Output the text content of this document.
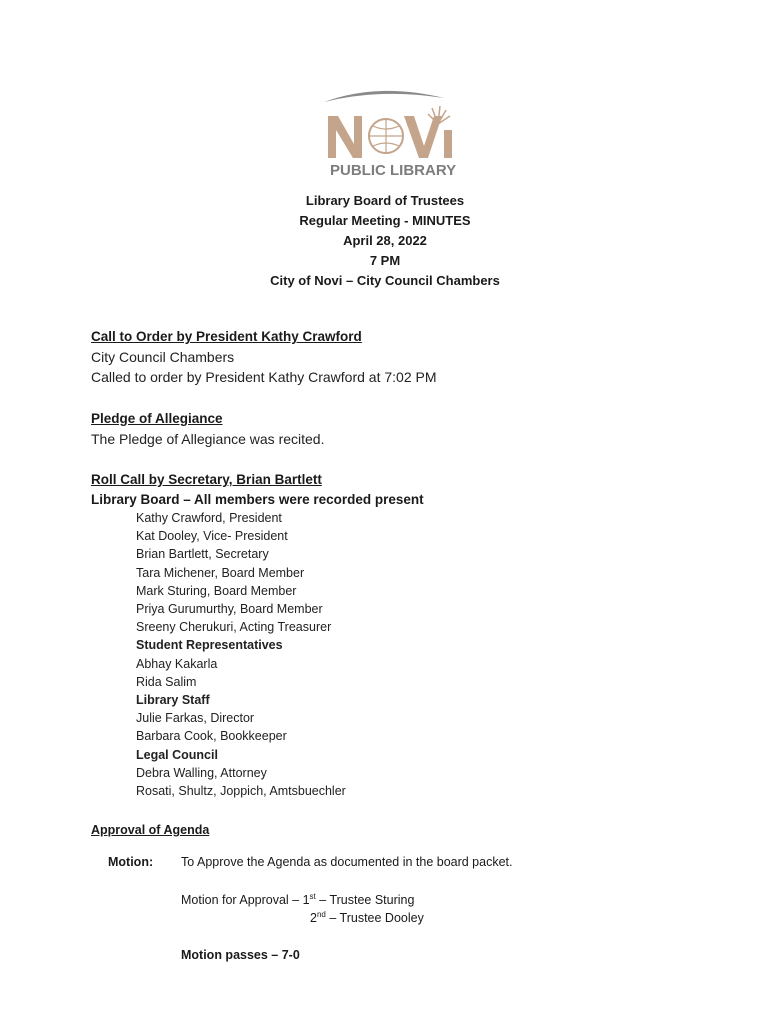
PUBLIC LIBRARY
Library Board of Trustees
Regular Meeting - MINUTES
April 28, 2022
7 PM
City of Novi – City Council Chambers
Call to Order by President Kathy Crawford
City Council Chambers
Called to order by President Kathy Crawford at 7:02 PM
Pledge of Allegiance
The Pledge of Allegiance was recited.
Roll Call by Secretary, Brian Bartlett
Library Board – All members were recorded present
Kathy Crawford, President
Kat Dooley, Vice- President
Brian Bartlett, Secretary
Tara Michener, Board Member
Mark Sturing, Board Member
Priya Gurumurthy, Board Member
Sreeny Cherukuri, Acting Treasurer
Student Representatives
Abhay Kakarla
Rida Salim
Library Staff
Julie Farkas, Director
Barbara Cook, Bookkeeper
Legal Council
Debra Walling, Attorney
Rosati, Shultz, Joppich, Amtsbuechler
Approval of Agenda
Motion: To Approve the Agenda as documented in the board packet.
Motion for Approval – 1st – Trustee Sturing
2nd – Trustee Dooley
Motion passes – 7-0
